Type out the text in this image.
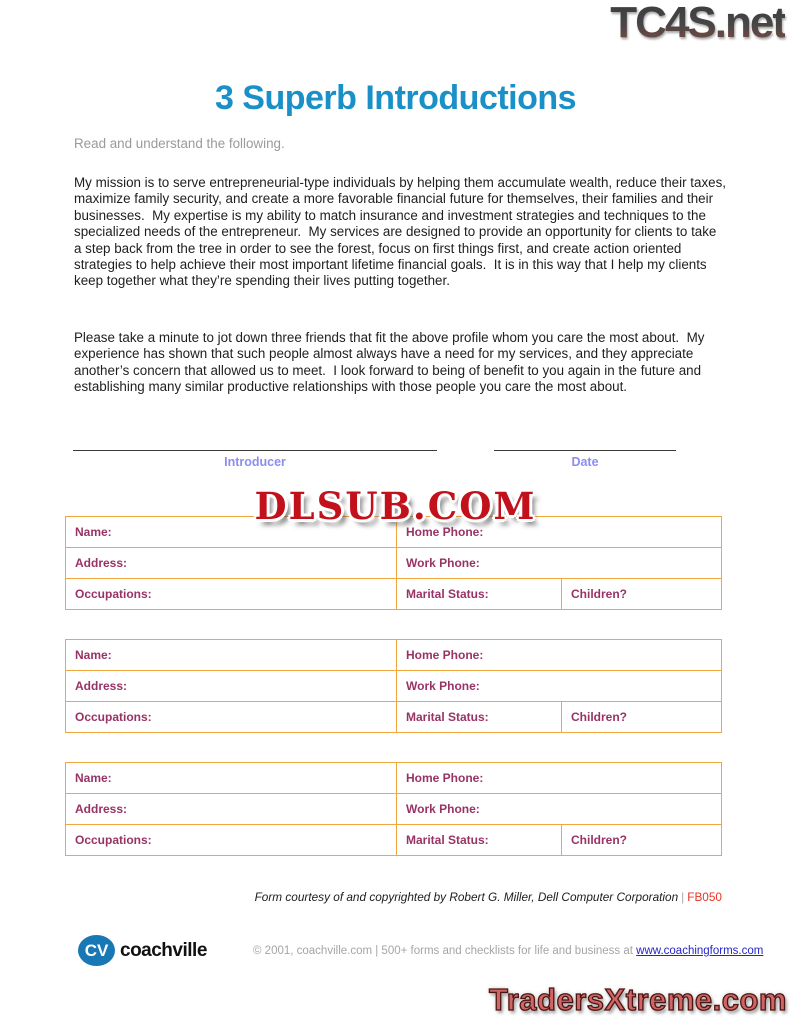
TC4S.net
3 Superb Introductions
Read and understand the following.
My mission is to serve entrepreneurial-type individuals by helping them accumulate wealth, reduce their taxes, maximize family security, and create a more favorable financial future for themselves, their families and their businesses.  My expertise is my ability to match insurance and investment strategies and techniques to the specialized needs of the entrepreneur.  My services are designed to provide an opportunity for clients to take a step back from the tree in order to see the forest, focus on first things first, and create action oriented strategies to help achieve their most important lifetime financial goals.  It is in this way that I help my clients keep together what they’re spending their lives putting together.
Please take a minute to jot down three friends that fit the above profile whom you care the most about.  My experience has shown that such people almost always have a need for my services, and they appreciate another’s concern that allowed us to meet.  I look forward to being of benefit to you again in the future and establishing many similar productive relationships with those people you care the most about.
Introducer	Date
DLSUB.COM
Name:	Home Phone:
Address:	Work Phone:
Occupations:	Marital Status:	Children?
Name:	Home Phone:
Address:	Work Phone:
Occupations:	Marital Status:	Children?
Name:	Home Phone:
Address:	Work Phone:
Occupations:	Marital Status:	Children?
Form courtesy of and copyrighted by Robert G. Miller, Dell Computer Corporation | FB050
CV coachville	© 2001, coachville.com | 500+ forms and checklists for life and business at www.coachingforms.com
TradersXtreme.com
